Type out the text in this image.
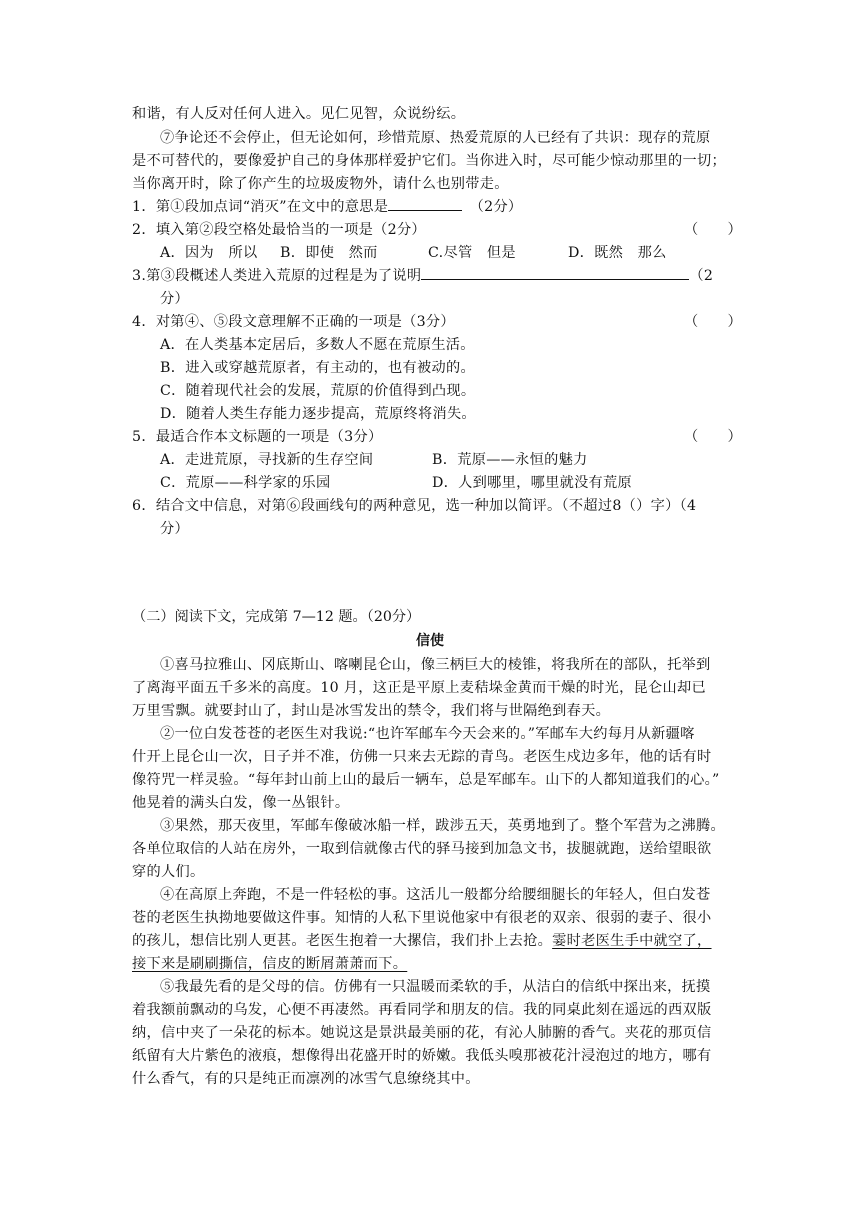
和谐，有人反对任何人进入。见仁见智，众说纷纭。
⑦争论还不会停止，但无论如何，珍惜荒原、热爱荒原的人已经有了共识：现存的荒原
是不可替代的，要像爱护自己的身体那样爱护它们。当你进入时，尽可能少惊动那里的一切；
当你离开时，除了你产生的垃圾废物外，请什么也别带走。
1．第①段加点词“消灭”在文中的意思是　	（2分）
2．填入第②段空格处最恰当的一项是（2分）	（　　）
A．因为　所以 B．即使　然而	C.尽管　但是	D．既然　那么
3.第③段概述人类进入荒原的过程是为了说明	（2
分）
4．对第④、⑤段文意理解不正确的一项是（3分）	（　　）
A．在人类基本定居后，多数人不愿在荒原生活。
B．进入或穿越荒原者，有主动的，也有被动的。
C．随着现代社会的发展，荒原的价值得到凸现。
D．随着人类生存能力逐步提高，荒原终将消失。
5．最适合作本文标题的一项是（3分）	（　　）
A．走进荒原，寻找新的生存空间	B．荒原——永恒的魅力
C．荒原——科学家的乐园	D．人到哪里，哪里就没有荒原
6．结合文中信息，对第⑥段画线句的两种意见，选一种加以简评。（不超过8（）字）（4
分）
（二）阅读下文，完成第 7—12 题。（20分）
信使
①喜马拉雅山、冈底斯山、喀喇昆仑山，像三柄巨大的棱锥，将我所在的部队，托举到
了离海平面五千多米的高度。10 月，这正是平原上麦秸垛金黄而干燥的时光，昆仑山却已
万里雪飘。就要封山了，封山是冰雪发出的禁令，我们将与世隔绝到春天。
②一位白发苍苍的老医生对我说:“也许军邮车今天会来的。”军邮车大约每月从新疆喀
什开上昆仑山一次，日子并不准，仿佛一只来去无踪的青鸟。老医生戍边多年，他的话有时
像符咒一样灵验。“每年封山前上山的最后一辆车，总是军邮车。山下的人都知道我们的心。”
他晃着的满头白发，像一丛银针。
③果然，那天夜里，军邮车像破冰船一样，跋涉五天，英勇地到了。整个军营为之沸腾。
各单位取信的人站在房外，一取到信就像古代的驿马接到加急文书，拔腿就跑，送给望眼欲
穿的人们。
④在高原上奔跑，不是一件轻松的事。这活儿一般都分给腰细腿长的年轻人，但白发苍
苍的老医生执拗地要做这件事。知情的人私下里说他家中有很老的双亲、很弱的妻子、很小
的孩儿，想信比别人更甚。老医生抱着一大摞信，我们扑上去抢。霎时老医生手中就空了，
接下来是刷刷撕信，信皮的断屑萧萧而下。
⑤我最先看的是父母的信。仿佛有一只温暖而柔软的手，从洁白的信纸中探出来，抚摸
着我额前飘动的乌发，心便不再凄然。再看同学和朋友的信。我的同桌此刻在遥远的西双版
纳，信中夹了一朵花的标本。她说这是景洪最美丽的花，有沁人肺腑的香气。夹花的那页信
纸留有大片紫色的液痕，想像得出花盛开时的娇嫩。我低头嗅那被花汁浸泡过的地方，哪有
什么香气，有的只是纯正而凛冽的冰雪气息缭绕其中。
